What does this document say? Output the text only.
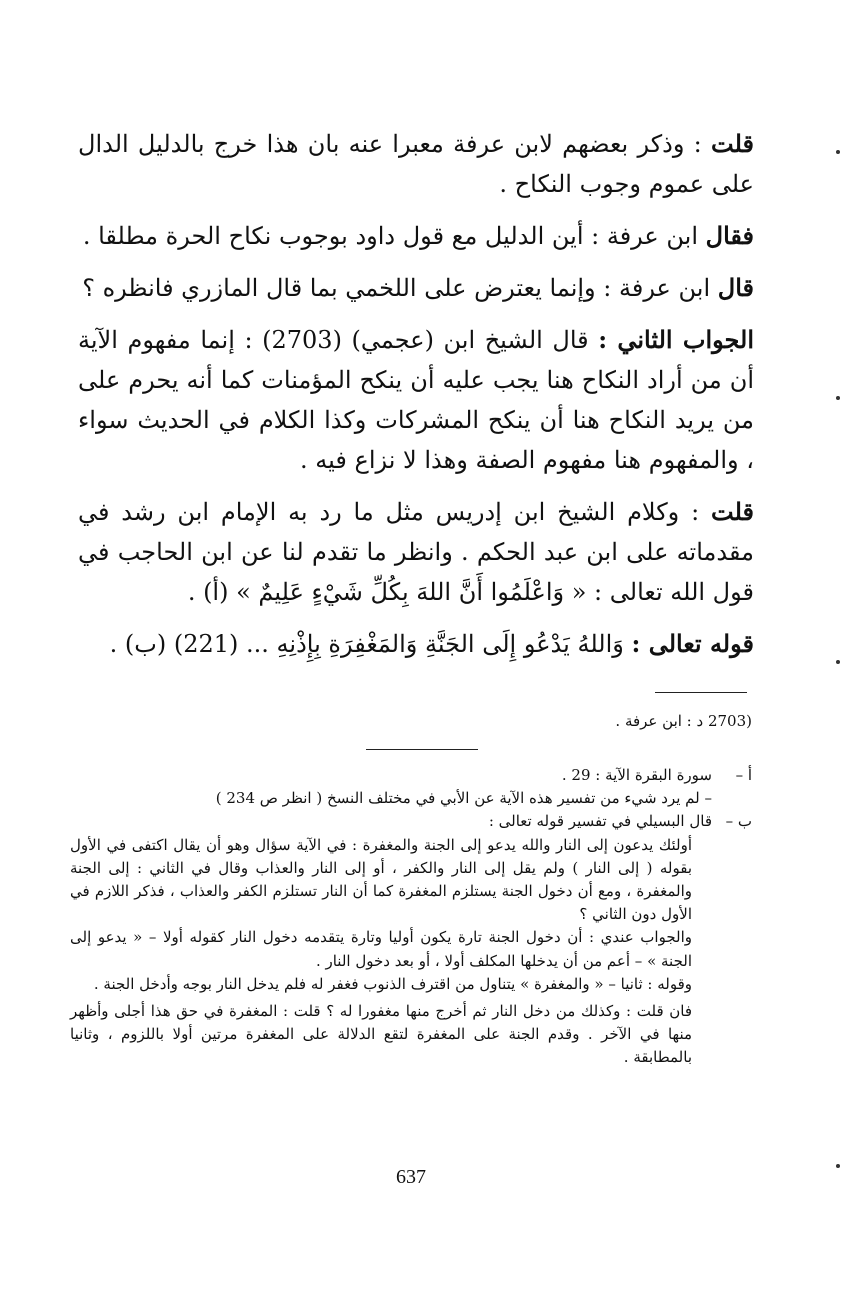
قلت : وذكر بعضهم لابن عرفة معبرا عنه بان هذا خرج بالدليل الدال على عموم وجوب النكاح .

فقال ابن عرفة : أين الدليل مع قول داود بوجوب نكاح الحرة مطلقا .

قال ابن عرفة : وإنما يعترض على اللخمي بما قال المازري فانظره ؟

الجواب الثاني : قال الشيخ ابن (عجمي) (2703) : إنما مفهوم الآية أن من أراد النكاح هنا يجب عليه أن ينكح المؤمنات كما أنه يحرم على من يريد النكاح هنا أن ينكح المشركات وكذا الكلام في الحديث سواء ، والمفهوم هنا مفهوم الصفة وهذا لا نزاع فيه .

قلت : وكلام الشيخ ابن إدريس مثل ما رد به الإمام ابن رشد في مقدماته على ابن عبد الحكم . وانظر ما تقدم لنا عن ابن الحاجب في قول الله تعالى : « وَاعْلَمُوا أَنَّ اللهَ بِكُلِّ شَيْءٍ عَلِيمٌ » (أ) .

قوله تعالى : وَاللهُ يَدْعُو إِلَى الجَنَّةِ وَالمَغْفِرَةِ بِإِذْنِهِ ... (221) (ب) .

(2703 د : ابن عرفة .
أ –
سورة البقرة الآية : 29 .
– لم يرد شيء من تفسير هذه الآية عن الأبي في مختلف النسخ ( انظر ص 234 )
ب –
قال البسيلي في تفسير قوله تعالى :
أولئك يدعون إلى النار والله يدعو إلى الجنة والمغفرة : في الآية سؤال وهو أن يقال اكتفى في الأول بقوله ( إلى النار ) ولم يقل إلى النار والكفر ، أو إلى النار والعذاب وقال في الثاني : إلى الجنة والمغفرة ، ومع أن دخول الجنة يستلزم المغفرة كما أن النار تستلزم الكفر والعذاب ، فذكر اللازم في الأول دون الثاني ؟
والجواب عندي : أن دخول الجنة تارة يكون أوليا وتارة يتقدمه دخول النار كقوله أولا – « يدعو إلى الجنة » – أعم من أن يدخلها المكلف أولا ، أو بعد دخول النار .
وقوله : ثانيا – « والمغفرة » يتناول من اقترف الذنوب فغفر له فلم يدخل النار بوجه وأدخل الجنة .
فان قلت : وكذلك من دخل النار ثم أخرج منها مغفورا له ؟ قلت : المغفرة في حق هذا أجلى وأظهر منها في الآخر . وقدم الجنة على المغفرة لتقع الدلالة على المغفرة مرتين أولا باللزوم ، وثانيا بالمطابقة .
637
